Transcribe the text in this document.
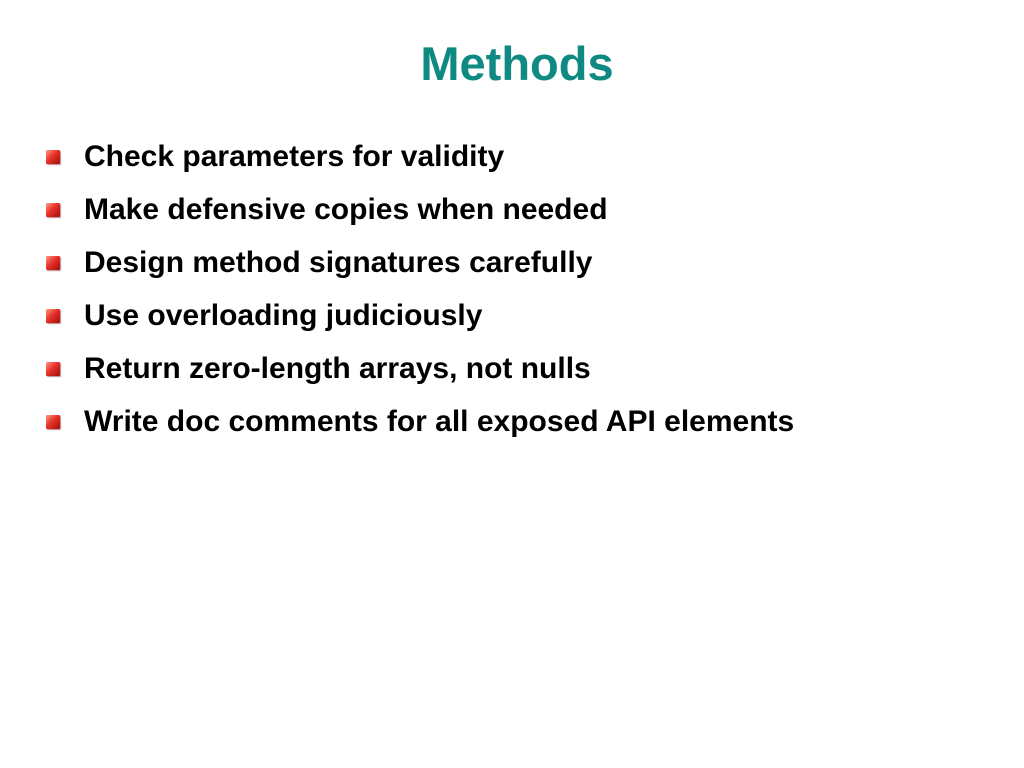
Methods
Check parameters for validity
Make defensive copies when needed
Design method signatures carefully
Use overloading judiciously
Return zero-length arrays, not nulls
Write doc comments for all exposed API elements
